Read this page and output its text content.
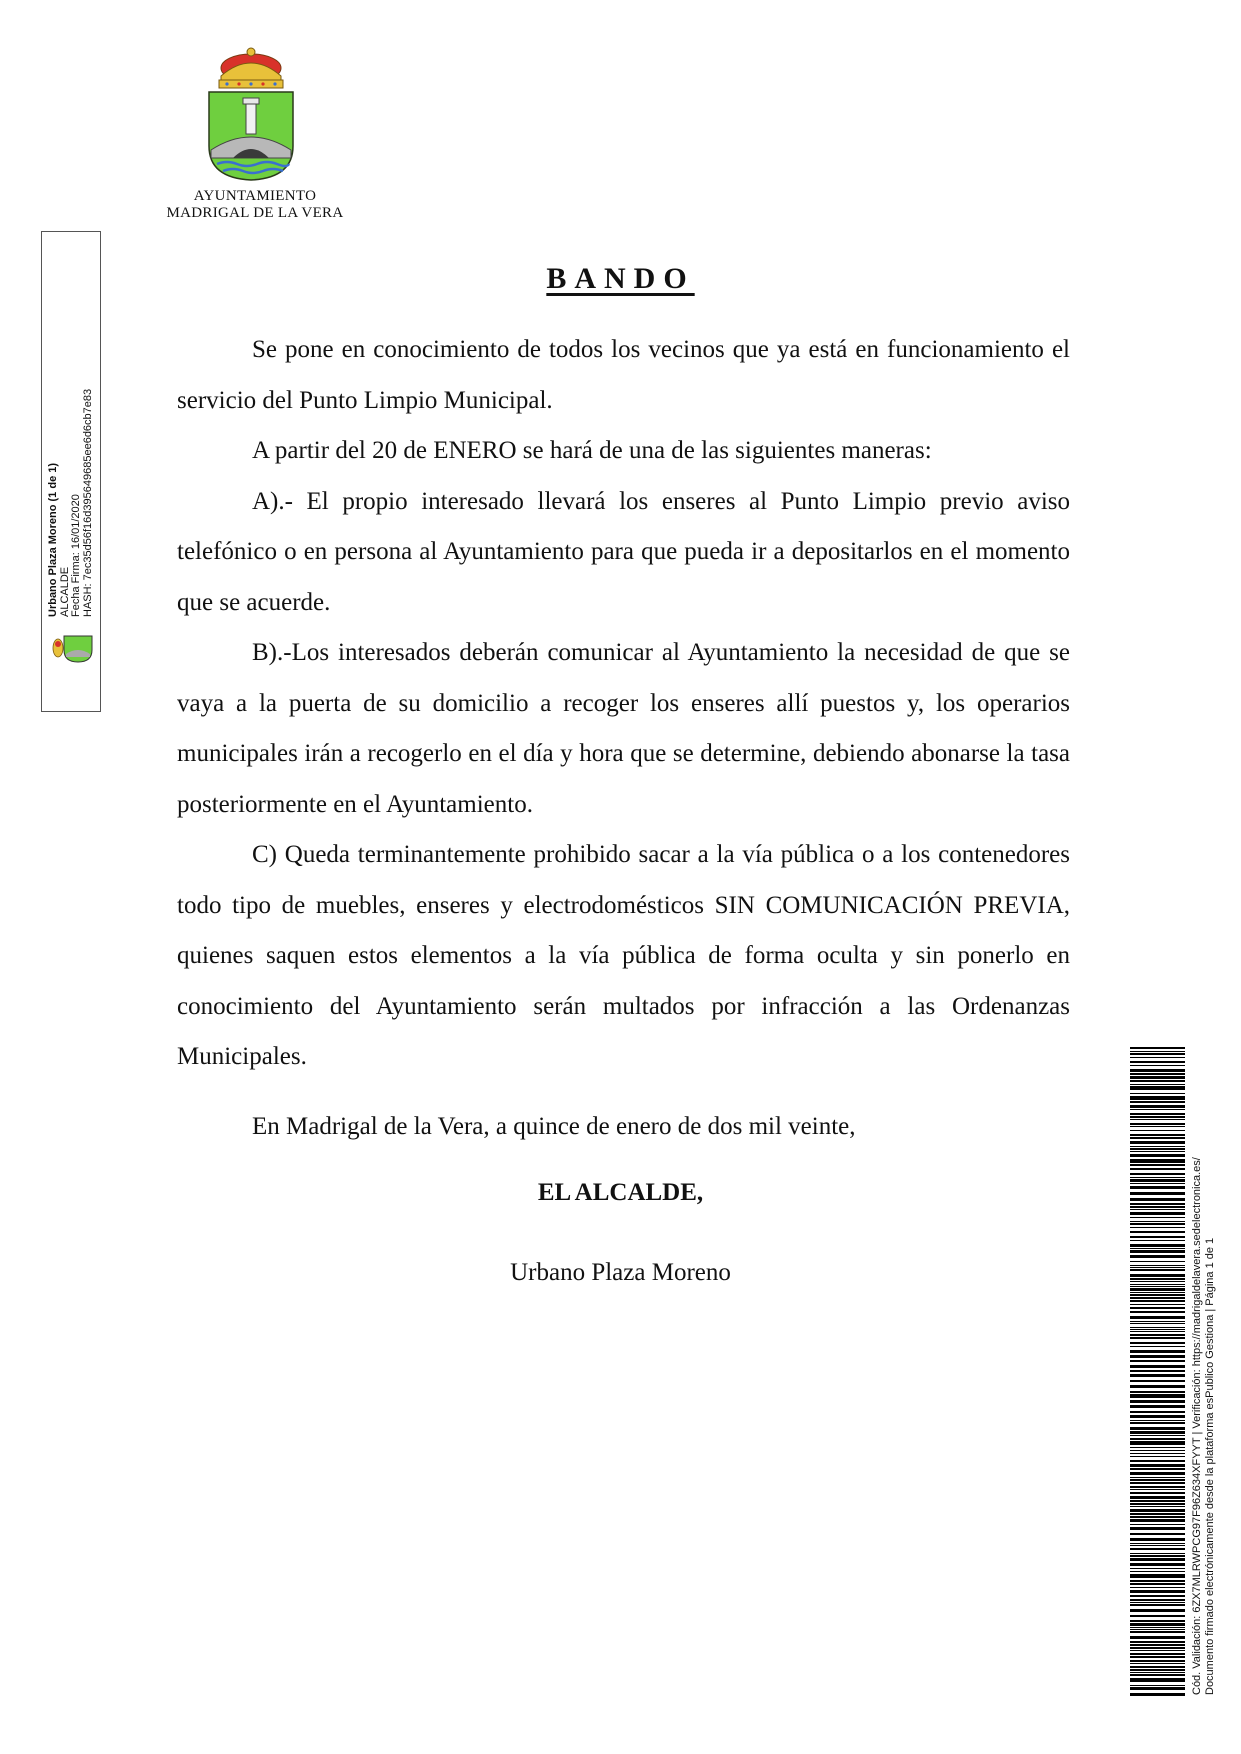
AYUNTAMIENTO
MADRIGAL DE LA VERA
Urbano Plaza Moreno (1 de 1) ALCALDE Fecha Firma: 16/01/2020 HASH: 7ec35d56f16d395649685ee6d6cb7e83
BANDO

Se pone en conocimiento de todos los vecinos que ya está en funcionamiento el servicio del Punto Limpio Municipal.

A partir del 20 de ENERO se hará de una de las siguientes maneras:

A).- El propio interesado llevará los enseres al Punto Limpio previo aviso telefónico o en persona al Ayuntamiento para que pueda ir a depositarlos en el momento que se acuerde.

B).-Los interesados deberán comunicar al Ayuntamiento la necesidad de que se vaya a la puerta de su domicilio a recoger los enseres allí puestos y, los operarios municipales irán a recogerlo en el día y hora que se determine, debiendo abonarse la tasa posteriormente en el Ayuntamiento.

C) Queda terminantemente prohibido sacar a la vía pública o a los contenedores todo tipo de muebles, enseres y electrodomésticos SIN COMUNICACIÓN PREVIA, quienes saquen estos elementos a la vía pública de forma oculta y sin ponerlo en conocimiento del Ayuntamiento serán multados por infracción a las Ordenanzas Municipales.

En Madrigal de la Vera, a quince de enero de dos mil veinte,
EL ALCALDE,
Urbano Plaza Moreno	Cód. Validación: 6ZX7MLRWPCG97F96Z634XFYYT | Verificación: https://madrigaldelavera.sedelectronica.es/ Documento firmado electrónicamente desde la plataforma esPublico Gestiona | Página 1 de 1
